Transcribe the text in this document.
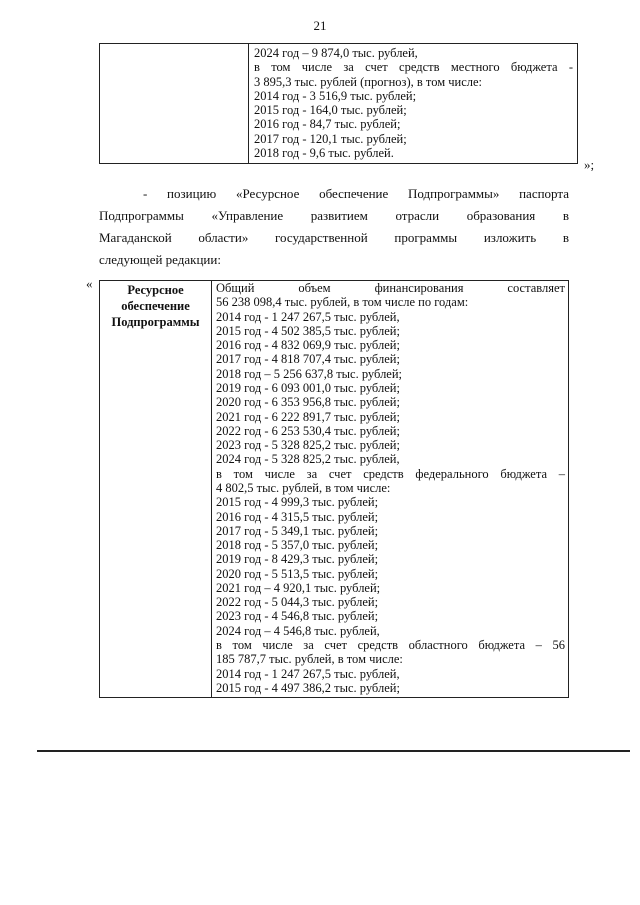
21

2024 год – 9 874,0 тыс. рублей,
в том числе за счет средств местного бюджета -
3 895,3 тыс. рублей (прогноз), в том числе:
2014 год - 3 516,9 тыс. рублей;
2015 год - 164,0 тыс. рублей;
2016 год - 84,7 тыс. рублей;
2017 год - 120,1 тыс. рублей;
2018 год - 9,6 тыс. рублей.
»;
- позицию «Ресурсное обеспечение Подпрограммы» паспорта
Подпрограммы «Управление развитием отрасли образования в
Магаданской области» государственной программы изложить в
следующей редакции:
«	Ресурсное
обеспечение
Подпрограммы

Общий объем финансирования составляет
56 238 098,4 тыс. рублей, в том числе по годам:
2014 год - 1 247 267,5 тыс. рублей,
2015 год - 4 502 385,5 тыс. рублей;
2016 год - 4 832 069,9 тыс. рублей;
2017 год - 4 818 707,4 тыс. рублей;
2018 год – 5 256 637,8 тыс. рублей;
2019 год - 6 093 001,0 тыс. рублей;
2020 год - 6 353 956,8 тыс. рублей;
2021 год - 6 222 891,7 тыс. рублей;
2022 год - 6 253 530,4 тыс. рублей;
2023 год - 5 328 825,2 тыс. рублей;
2024 год - 5 328 825,2 тыс. рублей,
в том числе за счет средств федерального бюджета –
4 802,5 тыс. рублей, в том числе:
2015 год - 4 999,3 тыс. рублей;
2016 год - 4 315,5 тыс. рублей;
2017 год - 5 349,1 тыс. рублей;
2018 год - 5 357,0 тыс. рублей;
2019 год - 8 429,3 тыс. рублей;
2020 год - 5 513,5 тыс. рублей;
2021 год – 4 920,1 тыс. рублей;
2022 год - 5 044,3 тыс. рублей;
2023 год - 4 546,8 тыс. рублей;
2024 год – 4 546,8 тыс. рублей,
в том числе за счет средств областного бюджета – 56
185 787,7 тыс. рублей, в том числе:
2014 год - 1 247 267,5 тыс. рублей,
2015 год - 4 497 386,2 тыс. рублей;
